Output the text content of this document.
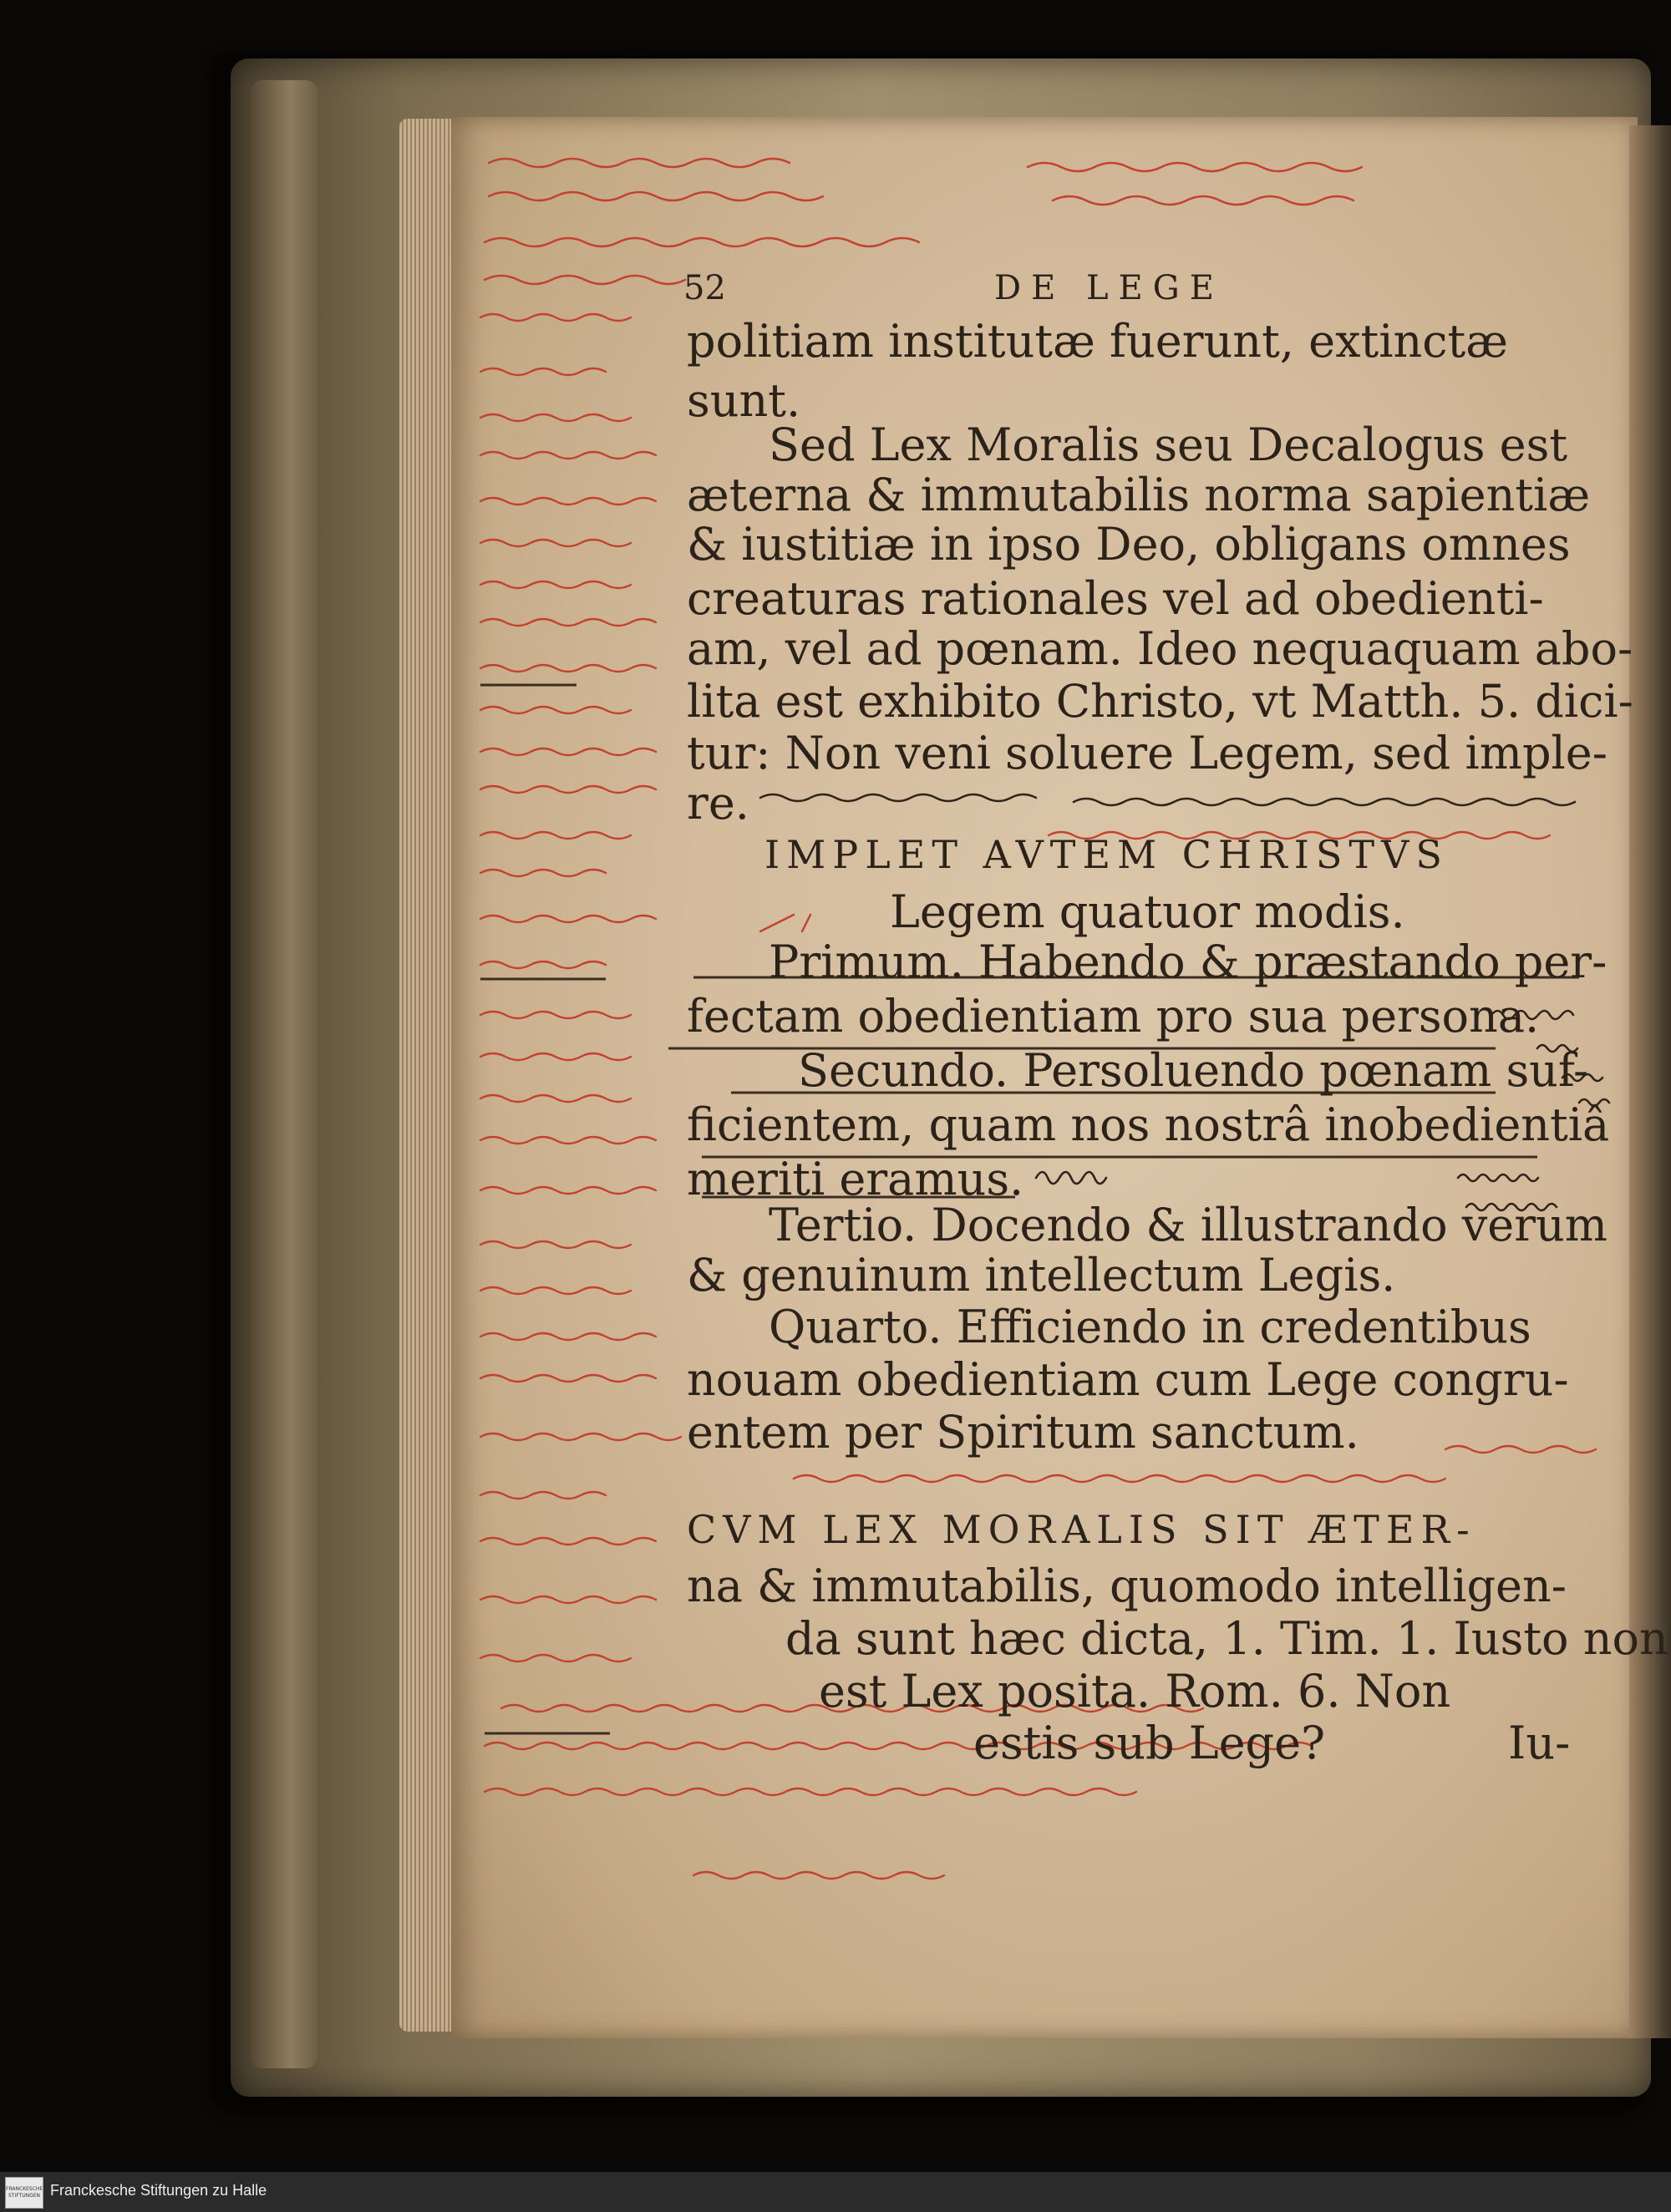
52	DE LEGE
politiam institutæ fuerunt, extinctæ
sunt.
Sed Lex Moralis seu Decalogus est
æterna & immutabilis norma sapientiæ
& iustitiæ in ipso Deo, obligans omnes
creaturas rationales vel ad obedienti-
am, vel ad pœnam. Ideo nequaquam abo-
lita est exhibito Christo, vt Matth. 5. dici-
tur: Non veni soluere Legem, sed imple-
re.
IMPLET AVTEM CHRISTVS
Legem quatuor modis.
Primum. Habendo & præstando per-
fectam obedientiam pro sua persona.
Secundo. Persoluendo pœnam suf-
ficientem, quam nos nostrâ inobedientiâ
meriti eramus.
Tertio. Docendo & illustrando verum
& genuinum intellectum Legis.
Quarto. Efficiendo in credentibus
nouam obedientiam cum Lege congru-
entem per Spiritum sanctum.
CVM LEX MORALIS SIT ÆTER-
na & immutabilis, quomodo intelligen-
da sunt hæc dicta, 1. Tim. 1. Iusto non
est Lex posita. Rom. 6. Non
estis sub Lege?	Iu-
FRANCKESCHE STIFTUNGEN Franckesche Stiftungen zu Halle
